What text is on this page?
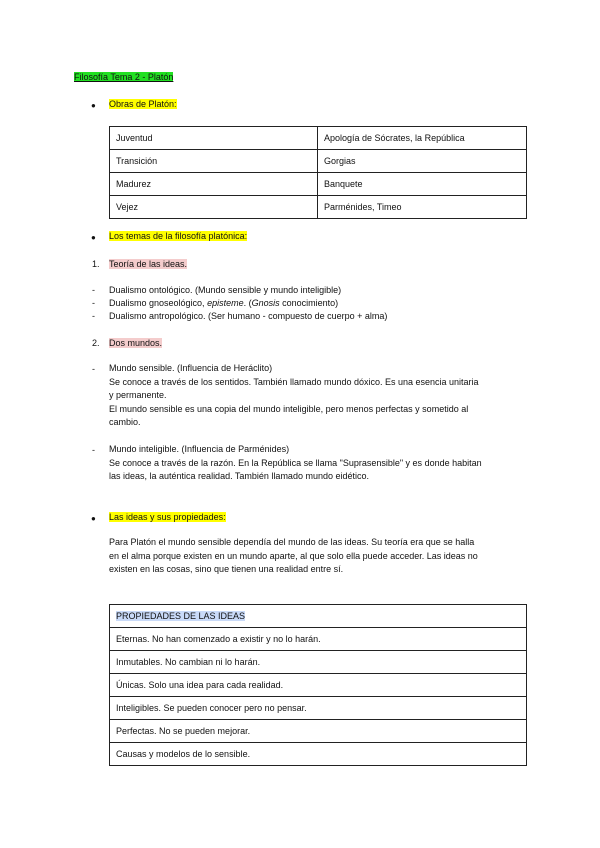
Filosofía Tema 2 - Platón
● Obras de Platón:
Juventud	Apología de Sócrates, la República
Transición	Gorgias
Madurez	Banquete
Vejez	Parménides, Timeo
● Los temas de la filosofía platónica:
1. Teoría de las ideas.
- Dualismo ontológico. (Mundo sensible y mundo inteligible)
- Dualismo gnoseológico, episteme. (Gnosis conocimiento)
- Dualismo antropológico. (Ser humano - compuesto de cuerpo + alma)
2. Dos mundos.
- Mundo sensible. (Influencia de Heráclito)
Se conoce a través de los sentidos. También llamado mundo dóxico. Es una esencia unitaria
y permanente.
El mundo sensible es una copia del mundo inteligible, pero menos perfectas y sometido al
cambio.
- Mundo inteligible. (Influencia de Parménides)
Se conoce a través de la razón. En la República se llama "Suprasensible" y es donde habitan
las ideas, la auténtica realidad. También llamado mundo eidético.
● Las ideas y sus propiedades:
Para Platón el mundo sensible dependía del mundo de las ideas. Su teoría era que se halla
en el alma porque existen en un mundo aparte, al que solo ella puede acceder. Las ideas no
existen en las cosas, sino que tienen una realidad entre sí.
PROPIEDADES DE LAS IDEAS
Eternas. No han comenzado a existir y no lo harán.
Inmutables. No cambian ni lo harán.
Únicas. Solo una idea para cada realidad.
Inteligibles. Se pueden conocer pero no pensar.
Perfectas. No se pueden mejorar.
Causas y modelos de lo sensible.
